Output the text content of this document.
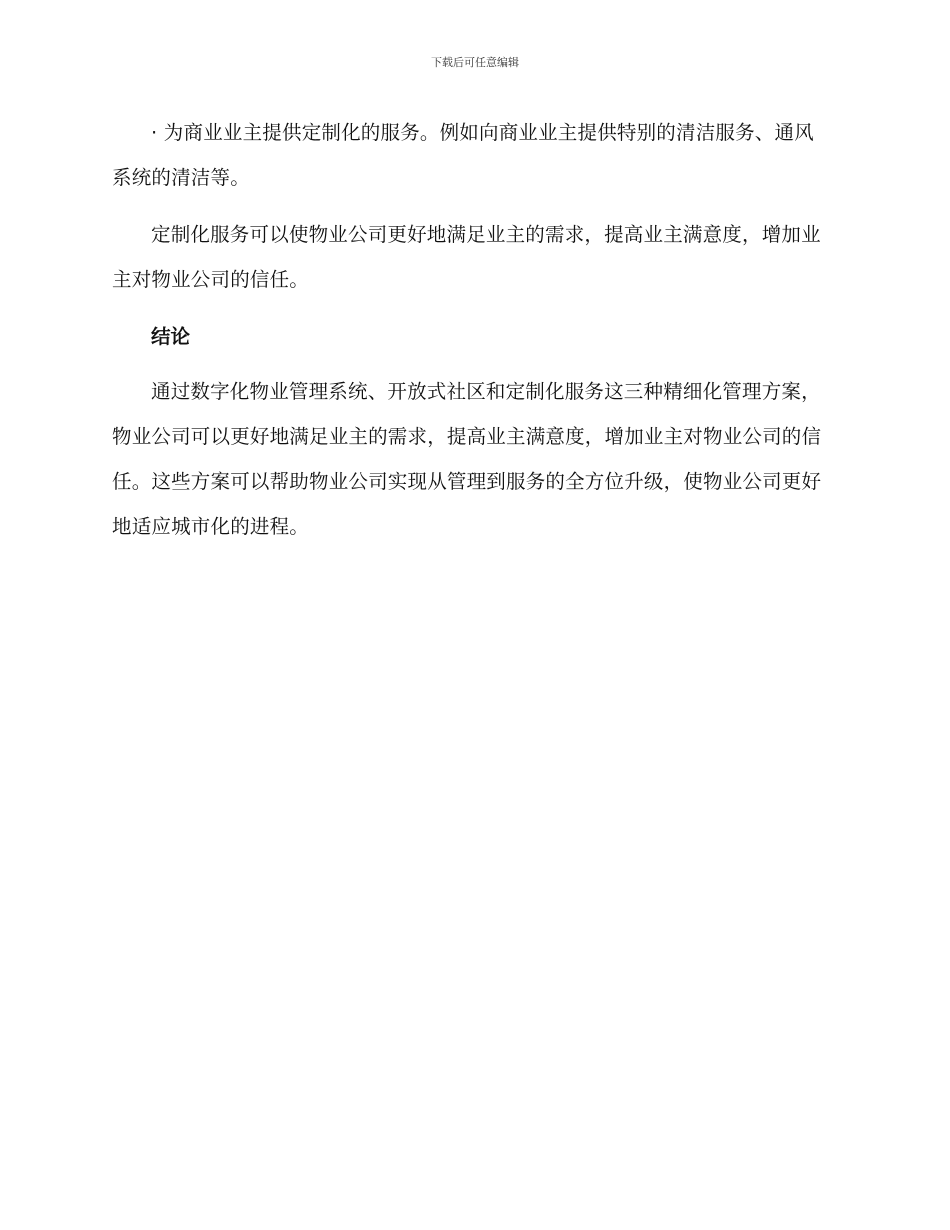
下载后可任意编辑

· 为商业业主提供定制化的服务。例如向商业业主提供特别的清洁服务、通风系统的清洁等。

定制化服务可以使物业公司更好地满足业主的需求，提高业主满意度，增加业主对物业公司的信任。

结论

通过数字化物业管理系统、开放式社区和定制化服务这三种精细化管理方案，物业公司可以更好地满足业主的需求，提高业主满意度，增加业主对物业公司的信任。这些方案可以帮助物业公司实现从管理到服务的全方位升级，使物业公司更好地适应城市化的进程。
